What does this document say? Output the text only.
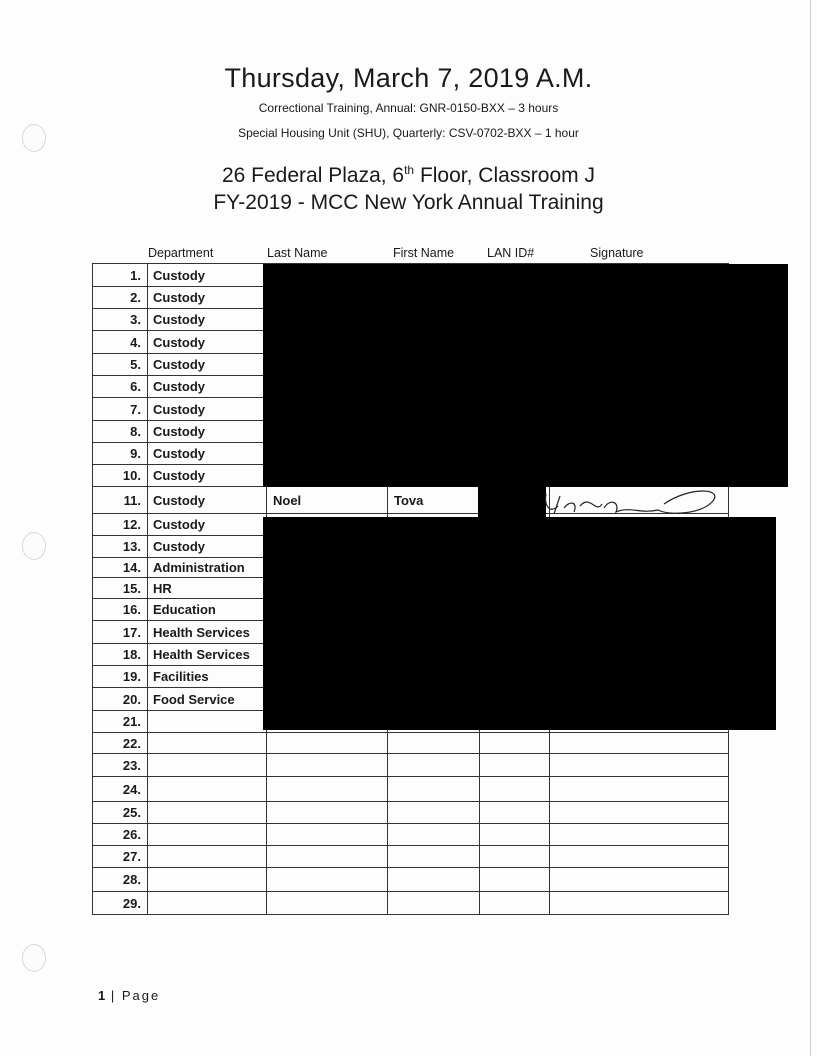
Thursday, March 7, 2019 A.M.
Correctional Training, Annual: GNR-0150-BXX – 3 hours
Special Housing Unit (SHU), Quarterly: CSV-0702-BXX – 1 hour
26 Federal Plaza, 6th Floor, Classroom J
FY-2019 - MCC New York Annual Training
Department	Last Name	First Name	LAN ID#	Signature
1. Custody
2. Custody
3. Custody
4. Custody
5. Custody
6. Custody
7. Custody
8. Custody
9. Custody
10. Custody
11. Custody	Noel	Tova
12. Custody
13. Custody
14. Administration
15. HR
16. Education
17. Health Services
18. Health Services
19. Facilities
20. Food Service
21.
22.
23.
24.
25.
26.
27.
28.
29.
1 | Page
